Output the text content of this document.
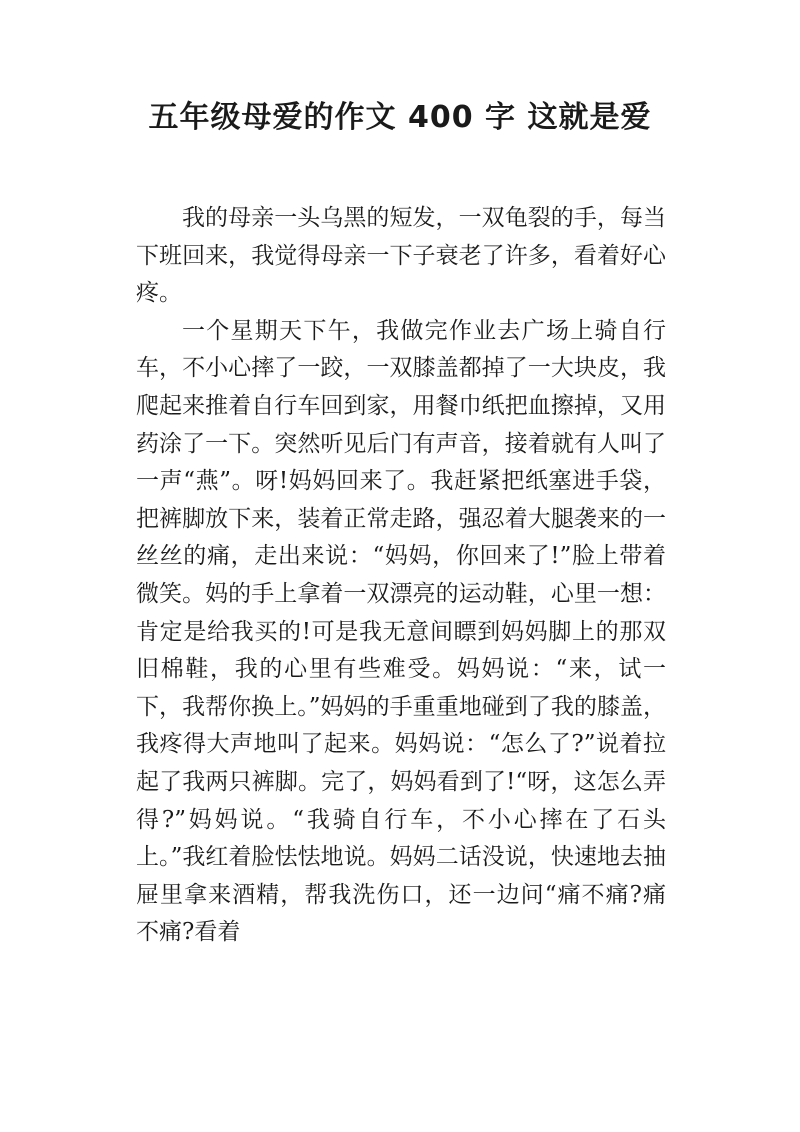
五年级母爱的作文 400 字 这就是爱

我的母亲一头乌黑的短发，一双龟裂的手，每当下班回来，我觉得母亲一下子衰老了许多，看着好心疼。

一个星期天下午，我做完作业去广场上骑自行车，不小心摔了一跤，一双膝盖都掉了一大块皮，我爬起来推着自行车回到家，用餐巾纸把血擦掉，又用药涂了一下。突然听见后门有声音，接着就有人叫了一声“燕”。呀!妈妈回来了。我赶紧把纸塞进手袋，把裤脚放下来，装着正常走路，强忍着大腿袭来的一丝丝的痛，走出来说：“妈妈，你回来了!”脸上带着微笑。妈的手上拿着一双漂亮的运动鞋，心里一想：肯定是给我买的!可是我无意间瞟到妈妈脚上的那双旧棉鞋，我的心里有些难受。妈妈说：“来，试一下，我帮你换上。”妈妈的手重重地碰到了我的膝盖，我疼得大声地叫了起来。妈妈说：“怎么了?”说着拉起了我两只裤脚。完了，妈妈看到了!“呀，这怎么弄得?”妈妈说。“我骑自行车，不小心摔在了石头上。”我红着脸怯怯地说。妈妈二话没说，快速地去抽屉里拿来酒精，帮我洗伤口，还一边问“痛不痛?痛不痛?看着
